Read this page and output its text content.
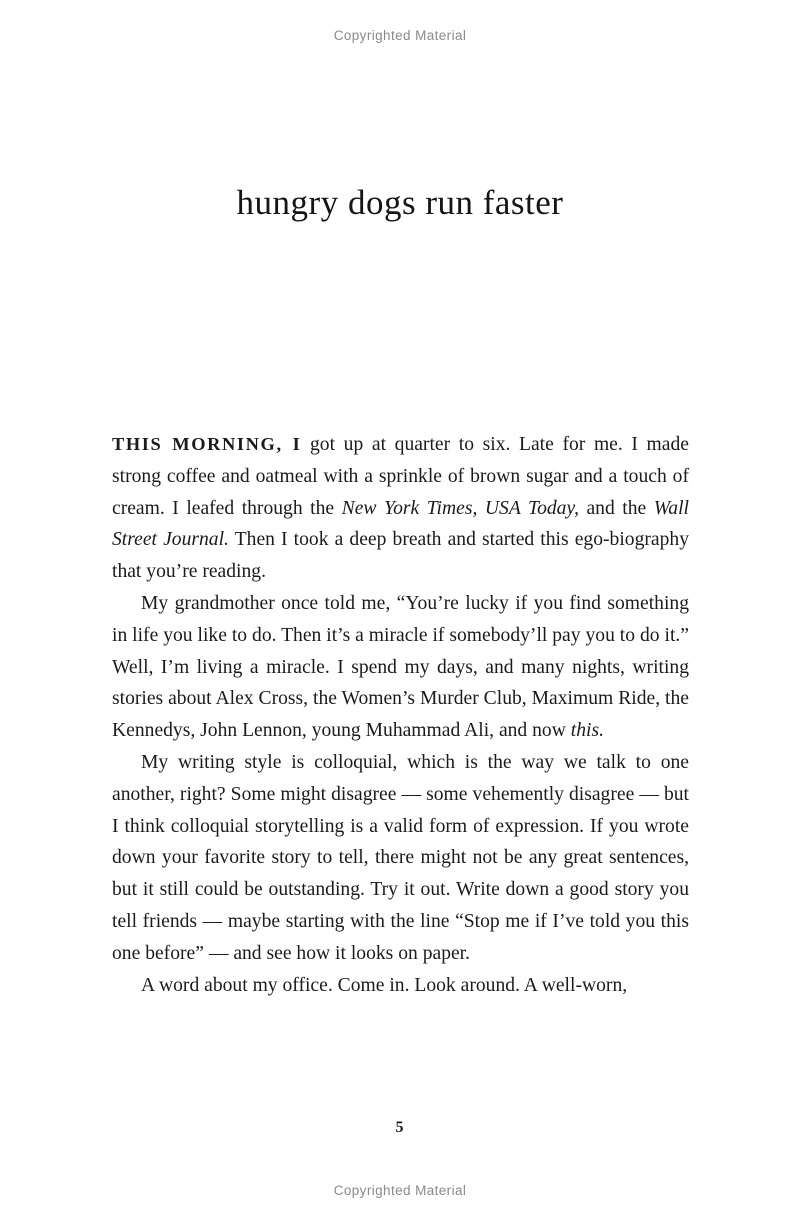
Copyrighted Material
hungry dogs run faster

THIS MORNING, I got up at quarter to six. Late for me. I made strong coffee and oatmeal with a sprinkle of brown sugar and a touch of cream. I leafed through the New York Times, USA Today, and the Wall Street Journal. Then I took a deep breath and started this ego-biography that you’re reading.

My grandmother once told me, “You’re lucky if you find something in life you like to do. Then it’s a miracle if somebody’ll pay you to do it.” Well, I’m living a miracle. I spend my days, and many nights, writing stories about Alex Cross, the Women’s Murder Club, Maximum Ride, the Kennedys, John Lennon, young Muhammad Ali, and now this.

My writing style is colloquial, which is the way we talk to one another, right? Some might disagree — some vehemently disagree — but I think colloquial storytelling is a valid form of expression. If you wrote down your favorite story to tell, there might not be any great sentences, but it still could be outstanding. Try it out. Write down a good story you tell friends — maybe starting with the line “Stop me if I’ve told you this one before” — and see how it looks on paper.

A word about my office. Come in. Look around. A well-worn,

5
Copyrighted Material
